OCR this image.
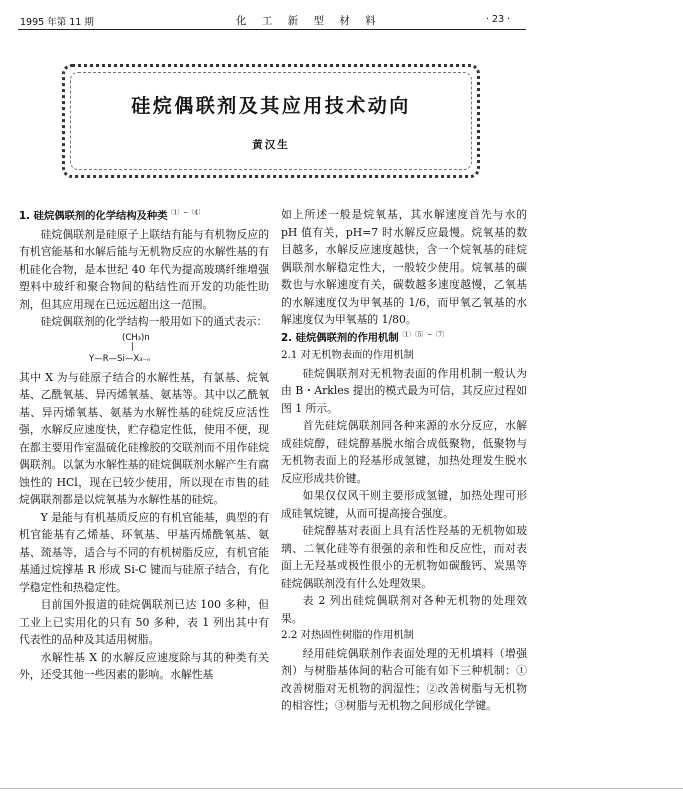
1995 年第 11 期	化 工 新 型 材 料	· 23 ·
硅烷偶联剂及其应用技术动向
黄汉生

1. 硅烷偶联剂的化学结构及种类$^{〔1〕\sim〔4〕}$

硅烷偶联剂是硅原子上联结有能与有机物反应的有机官能基和水解后能与无机物反应的水解性基的有机硅化合物，是本世纪 40 年代为提高玻璃纤维增强塑料中玻纤和聚合物间的粘结性而开发的功能性助剂，但其应用现在已远远超出这一范围。

硅烷偶联剂的化学结构一般用如下的通式表示：

(CH₃)n
|
Y—R—Si—X₃₋ₙ

其中 X 为与硅原子结合的水解性基，有氯基、烷氧基、乙酰氧基、异丙烯氧基、氨基等。其中以乙酰氧基、异丙烯氧基、氨基为水解性基的硅烷反应活性强，水解反应速度快，贮存稳定性低，使用不便，现在都主要用作室温硫化硅橡胶的交联剂而不用作硅烷偶联剂。以氯为水解性基的硅烷偶联剂水解产生有腐蚀性的 HCl，现在已较少使用，所以现在市售的硅烷偶联剂都是以烷氧基为水解性基的硅烷。

Y 是能与有机基质反应的有机官能基，典型的有机官能基有乙烯基、环氧基、甲基丙烯酰氧基、氨基、巯基等，适合与不同的有机树脂反应，有机官能基通过烷撑基 R 形成 Si-C 键而与硅原子结合，有化学稳定性和热稳定性。

目前国外报道的硅烷偶联剂已达 100 多种，但工业上已实用化的只有 50 多种，表 1 列出其中有代表性的品种及其适用树脂。

水解性基 X 的水解反应速度除与其的种类有关外，还受其他一些因素的影响。水解性基

如上所述一般是烷氧基，其水解速度首先与水的 pH 值有关，pH=7 时水解反应最慢。烷氧基的数目越多，水解反应速度越快，含一个烷氧基的硅烷偶联剂水解稳定性大，一般较少使用。烷氧基的碳数也与水解速度有关，碳数越多速度越慢，乙氧基的水解速度仅为甲氧基的 1/6，而甲氧乙氧基的水解速度仅为甲氧基的 1/80。

2. 硅烷偶联剂的作用机制$^{〔1〕〔5〕\sim〔7〕}$

2.1 对无机物表面的作用机制

硅烷偶联剂对无机物表面的作用机制一般认为由 B・Arkles 提出的模式最为可信，其反应过程如图 1 所示。

首先硅烷偶联剂同各种来源的水分反应，水解成硅烷醇，硅烷醇基脱水缩合成低聚物，低聚物与无机物表面上的羟基形成氢键，加热处理发生脱水反应形成共价键。

如果仅仅风干则主要形成氢键，加热处理可形成硅氧烷键，从而可提高接合强度。

硅烷醇基对表面上具有活性羟基的无机物如玻璃、二氧化硅等有很强的亲和性和反应性，而对表面上无羟基或极性很小的无机物如碳酸钙、炭黑等硅烷偶联剂没有什么处理效果。

表 2 列出硅烷偶联剂对各种无机物的处理效果。

2.2 对热固性树脂的作用机制

经用硅烷偶联剂作表面处理的无机填料（增强剂）与树脂基体间的粘合可能有如下三种机制：①改善树脂对无机物的润湿性；②改善树脂与无机物的相容性；③树脂与无机物之间形成化学键。
